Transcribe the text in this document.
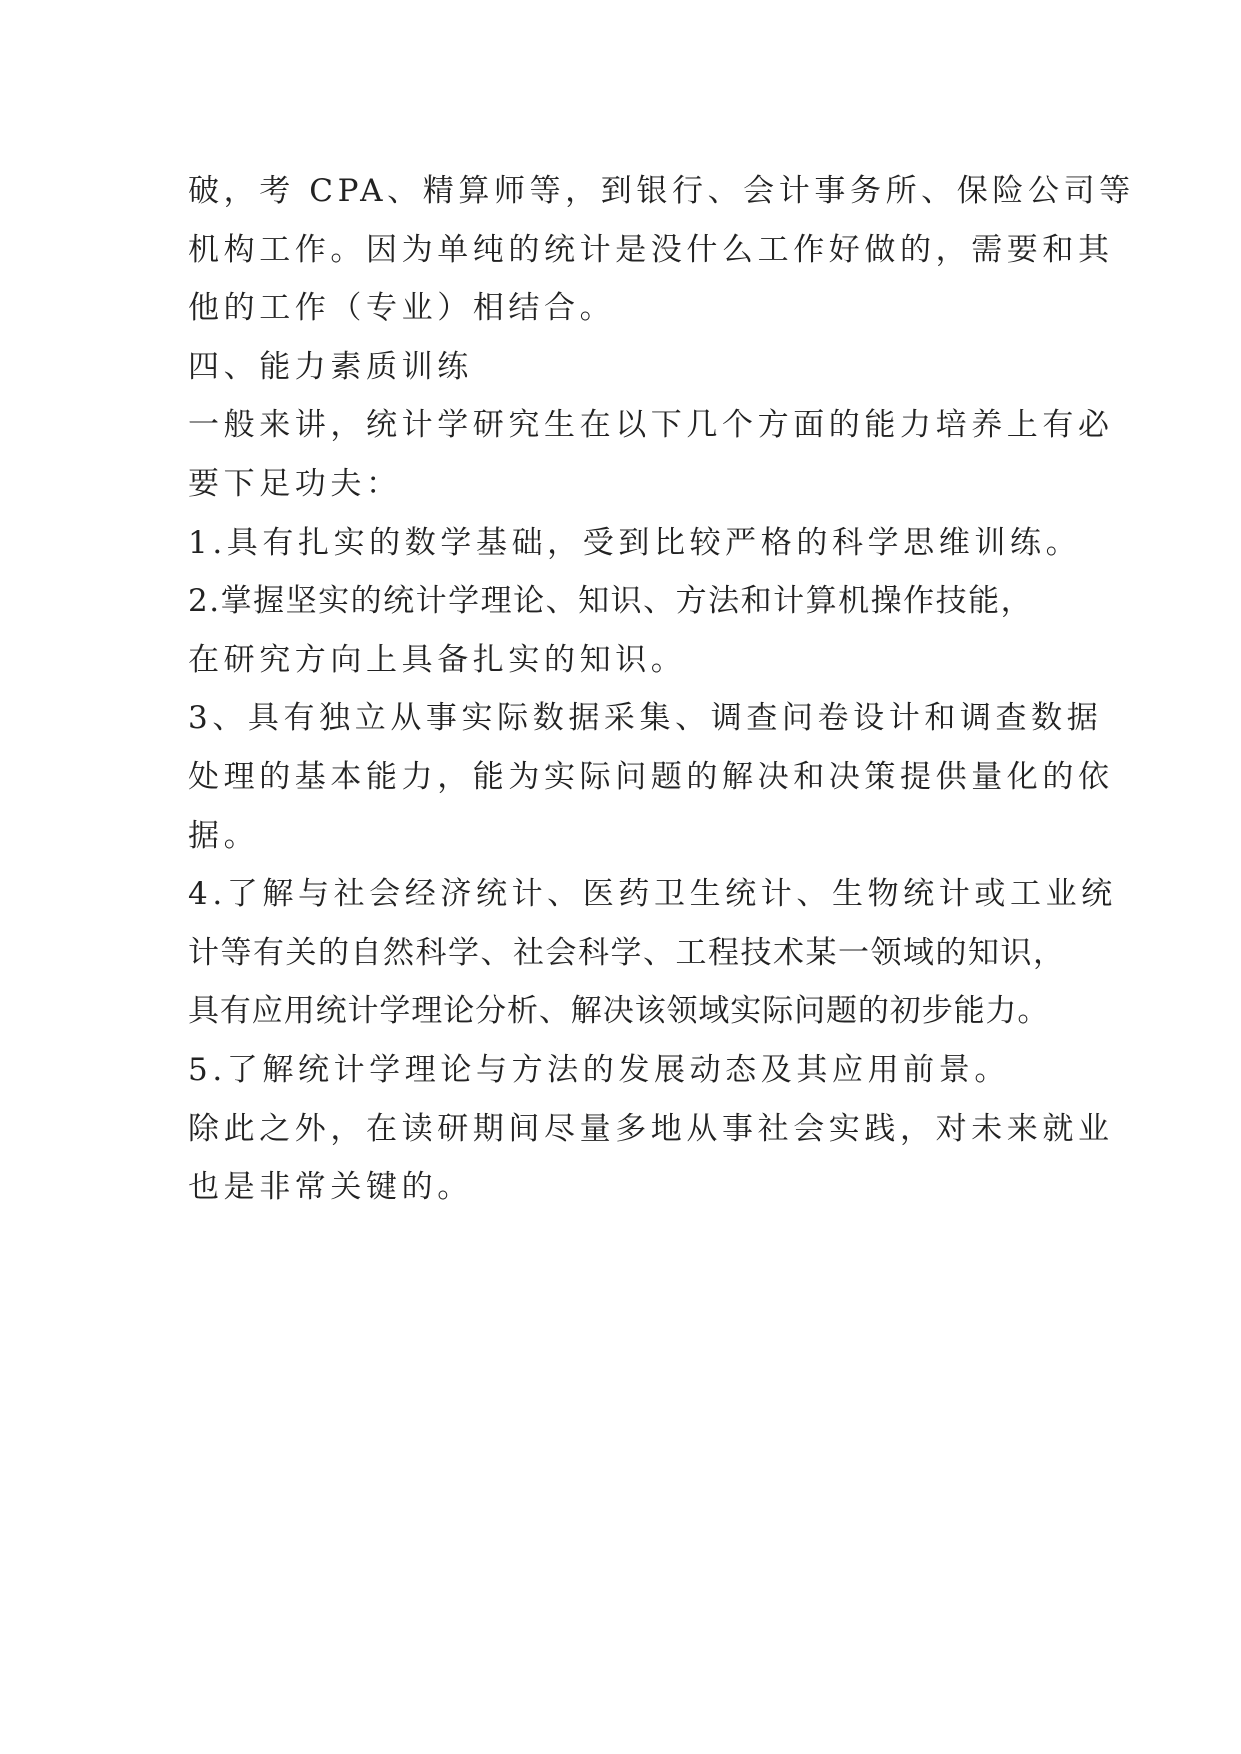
破，考 CPA、精算师等，到银行、会计事务所、保险公司等
机构工作。因为单纯的统计是没什么工作好做的，需要和其
他的工作（专业）相结合。
四、能力素质训练
一般来讲，统计学研究生在以下几个方面的能力培养上有必
要下足功夫：
1.具有扎实的数学基础，受到比较严格的科学思维训练。
2.掌握坚实的统计学理论、知识、方法和计算机操作技能，
在研究方向上具备扎实的知识。
3、具有独立从事实际数据采集、调查问卷设计和调查数据
处理的基本能力，能为实际问题的解决和决策提供量化的依
据。
4.了解与社会经济统计、医药卫生统计、生物统计或工业统
计等有关的自然科学、社会科学、工程技术某一领域的知识，
具有应用统计学理论分析、解决该领域实际问题的初步能力。
5.了解统计学理论与方法的发展动态及其应用前景。
除此之外，在读研期间尽量多地从事社会实践，对未来就业
也是非常关键的。
